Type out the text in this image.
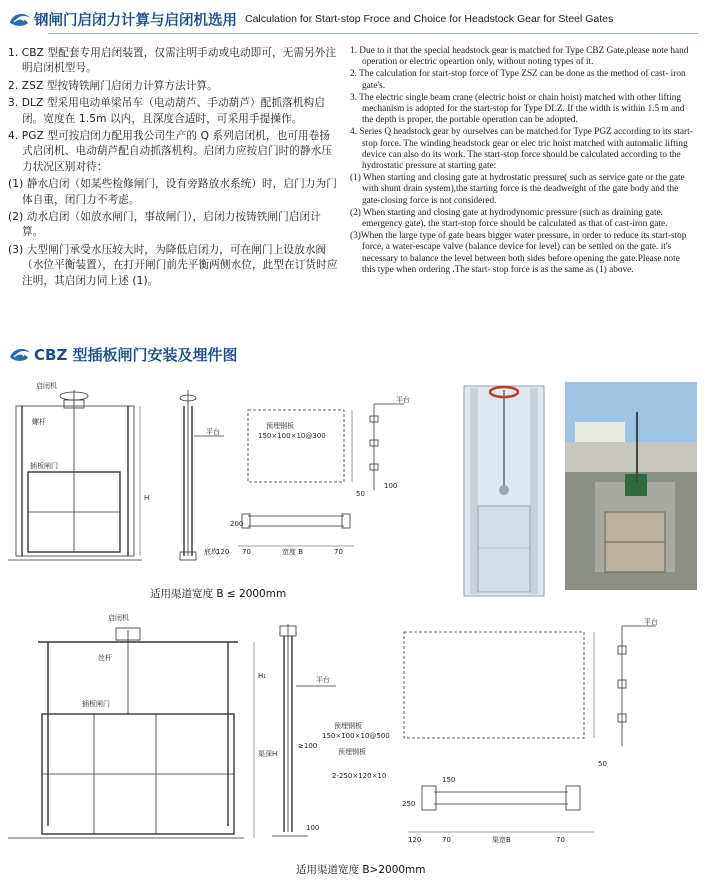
钢闸门启闭力计算与启闭机选用 Calculation for Start-stop Froce and Choice for Headstock Gear for Steel Gates

1. CBZ 型配套专用启闭装置，仅需注明手动或电动即可，无需另外注明启闭机型号。

2. ZSZ 型按铸铁闸门启闭力计算方法计算。

3. DLZ 型采用电动单梁吊车（电动葫芦、手动葫芦）配抓落机构启闭。宽度在 1.5m 以内，且深度合适时，可采用手提操作。

4. PGZ 型可按启闭力配用我公司生产的 Q 系列启闭机，也可用卷扬式启闭机、电动葫芦配自动抓落机构。启闭力应按启门时的静水压力状况区别对待：

(1) 静水启闭（如某些检修闸门，设有旁路放水系统）时，启门力为门体自重，闭门力不考虑。

(2) 动水启闭（如放水闸门，事故闸门），启闭力按铸铁闸门启闭计算。

(3) 大型闸门承受水压较大时，为降低启闭力，可在闸门上设放水阀（水位平衡装置），在打开闸门前先平衡两侧水位，此型在订货时应注明，其启闭力同上述 (1)。

1. Due to it that the special headstock gear is matched for Type CBZ Gate,please note hand operation or electric opeartion only, without noting types of it.

2. The calculation for start-stop force of Type ZSZ can be done as the method of cast- iron gate's.

3. The electric single beam crane (electric hoist or chain hoist) matched with other lifting mechanism is adopted for the start-stop for Type DLZ. If the width is within 1.5 m and the depth is proper, the portable operation can be adopted.

4. Series Q headstock gear by ourselves can be matched for Type PGZ according to its start-stop force. The winding headstock gear or elec tric hoist matched with automalic lifting device can also do its work. The start-stop force should be calculated according to the hydrostatic pressure at starting gate:

(1) When starting and closing gate at hydrostatic pressure( such as service gate or the gate with shunt drain system),the starting force is the deadweight of the gate body and the gate-closing force is not considered.

(2) When starting and closing gate at hydrodynomic pressure (such as draining gate. emergency gate), the start-stop force should be calculated as that of cast-iron gate.

(3)When the large type of gate bears bigger water pressure, in order to reduce its start-stop force, a water-escape valve (balance device for level) can be settled on the gate. it's necessary to balance the level between both sides before opening the gate.Please note this type when ordering .The start- stop force is as the same as (1) above.

CBZ 型插板闸门安装及埋件图
启闭机
螺杆
插板闸门
H
平台
底坎
预埋钢板
150×100×10@300
50
200
70	宽度 B	70
120
平台
100
适用渠道宽度 B ≤ 2000mm
启闭机
丝杆
插板闸门
H₁
渠深H
平台
≥100
100
预埋钢板
150×100×10@500
50
预埋钢板
2-250×120×10	150
250
120	70	渠宽B	70
平台
适用渠道宽度 B>2000mm
